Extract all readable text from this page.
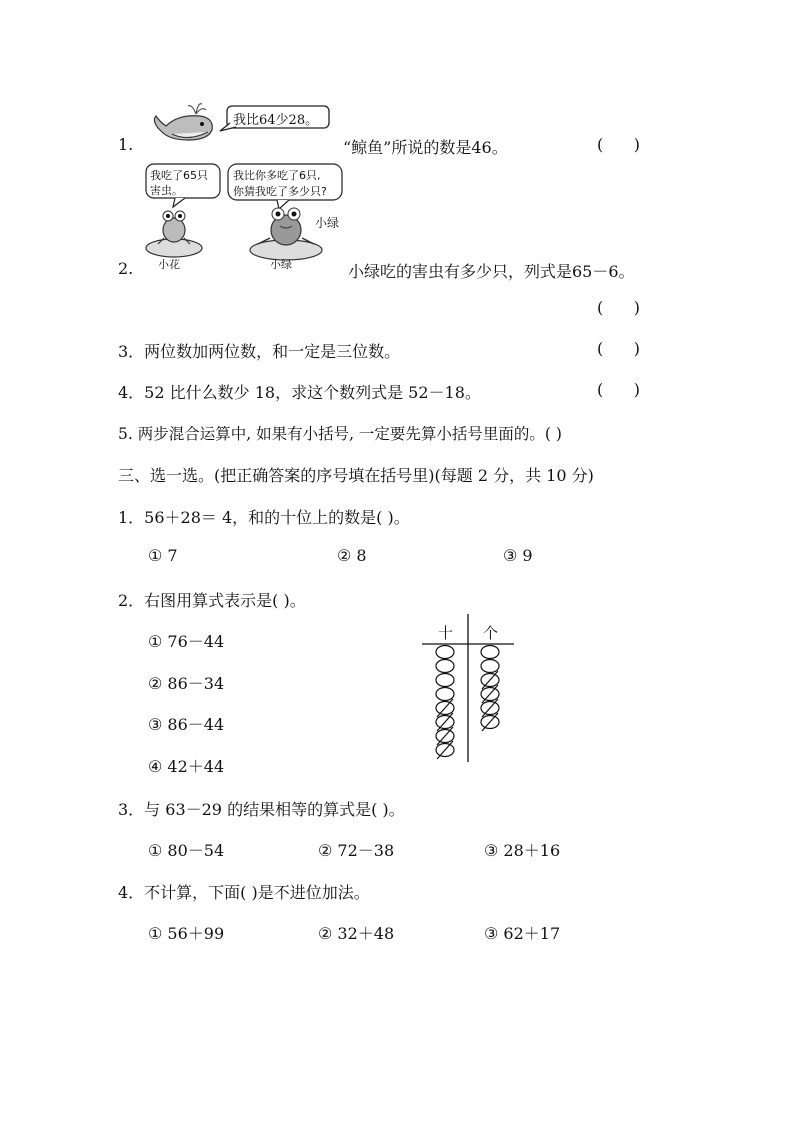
1.
我比64少28。
“鲸鱼”所说的数是46。	(      )
我吃了65只
害虫。
我比你多吃了6只,
你猜我吃了多少只?
小绿
小花	小绿
2.	小绿吃的害虫有多少只，列式是65－6。
(      )
3．两位数加两位数，和一定是三位数。	(      )
4．52 比什么数少 18，求这个数列式是 52－18。	(      )
5. 两步混合运算中, 如果有小括号, 一定要先算小括号里面的。( )
三、选一选。(把正确答案的序号填在括号里)(每题 2 分，共 10 分)
1．56＋28＝ 4，和的十位上的数是( )。
① 7	② 8	③ 9
2．右图用算式表示是( )。
① 76－44
② 86－34
③ 86－44
④ 42＋44
十 个
3．与 63－29 的结果相等的算式是( )。
① 80－54	② 72－38	③ 28＋16
4．不计算，下面( )是不进位加法。
① 56＋99	② 32＋48	③ 62＋17
